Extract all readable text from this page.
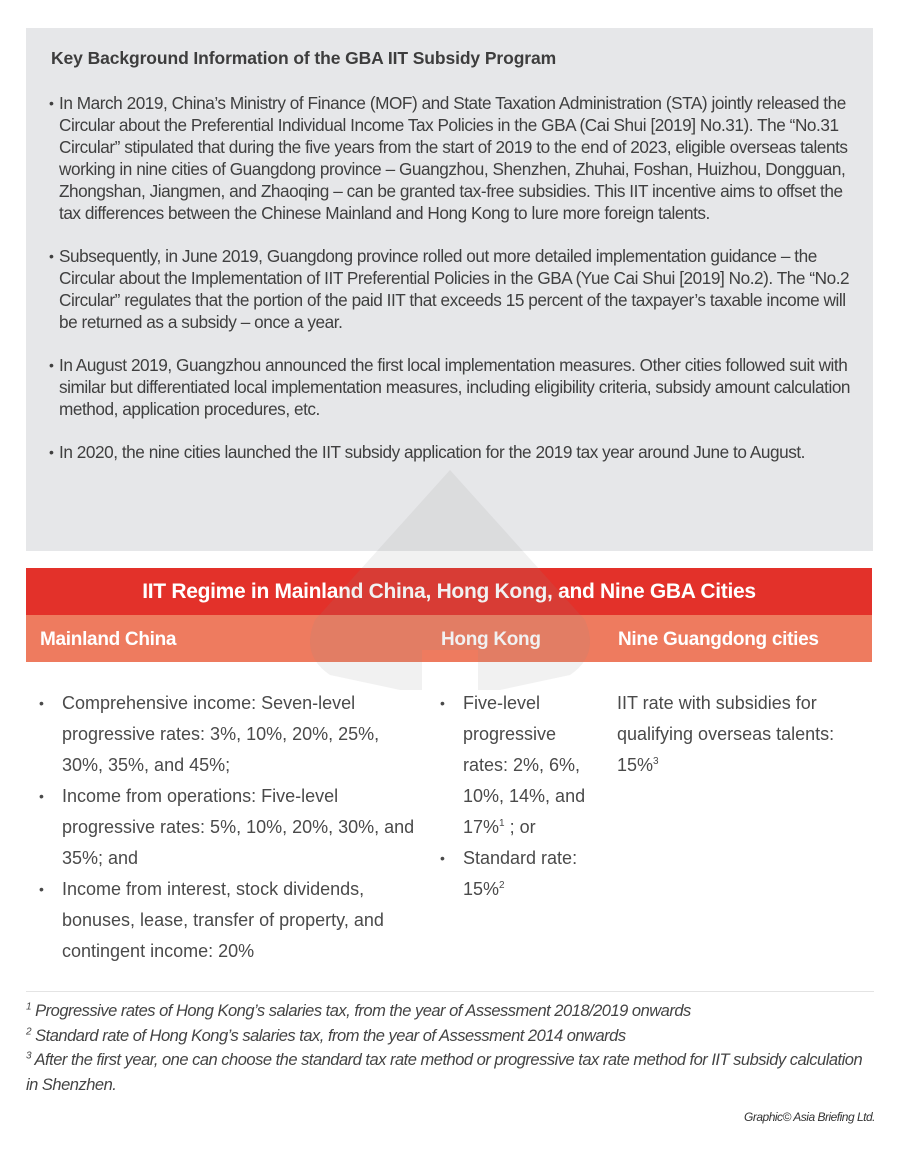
Key Background Information of the GBA IIT Subsidy Program
• In March 2019, China’s Ministry of Finance (MOF) and State Taxation Administration (STA) jointly released the Circular about the Preferential Individual Income Tax Policies in the GBA (Cai Shui [2019] No.31). The “No.31 Circular” stipulated that during the five years from the start of 2019 to the end of 2023, eligible overseas talents working in nine cities of Guangdong province – Guangzhou, Shenzhen, Zhuhai, Foshan, Huizhou, Dongguan, Zhongshan, Jiangmen, and Zhaoqing – can be granted tax-free subsidies. This IIT incentive aims to offset the tax differences between the Chinese Mainland and Hong Kong to lure more foreign talents.
• Subsequently, in June 2019, Guangdong province rolled out more detailed implementation guidance – the Circular about the Implementation of IIT Preferential Policies in the GBA (Yue Cai Shui [2019] No.2). The “No.2 Circular” regulates that the portion of the paid IIT that exceeds 15 percent of the taxpayer’s taxable income will be returned as a subsidy – once a year.
• In August 2019, Guangzhou announced the first local implementation measures. Other cities followed suit with similar but differentiated local implementation measures, including eligibility criteria, subsidy amount calculation method, application procedures, etc.
• In 2020, the nine cities launched the IIT subsidy application for the 2019 tax year around June to August.
IIT Regime in Mainland China, Hong Kong, and Nine GBA Cities
Mainland China	Hong Kong	Nine Guangdong cities
• Comprehensive income: Seven-level progressive rates: 3%, 10%, 20%, 25%, 30%, 35%, and 45%;
• Income from operations: Five-level progressive rates: 5%, 10%, 20%, 30%, and 35%; and
• Income from interest, stock dividends, bonuses, lease, transfer of property, and contingent income: 20%
• Five-level progressive rates: 2%, 6%, 10%, 14%, and 17%$^1$ ; or
• Standard rate: 15%$^2$
IIT rate with subsidies for qualifying overseas talents: 15%$^3$

$^1$ Progressive rates of Hong Kong’s salaries tax, from the year of Assessment 2018/2019 onwards

$^2$ Standard rate of Hong Kong’s salaries tax, from the year of Assessment 2014 onwards

$^3$ After the first year, one can choose the standard tax rate method or progressive tax rate method for IIT subsidy calculation in Shenzhen.

Graphic© Asia Briefing Ltd.
